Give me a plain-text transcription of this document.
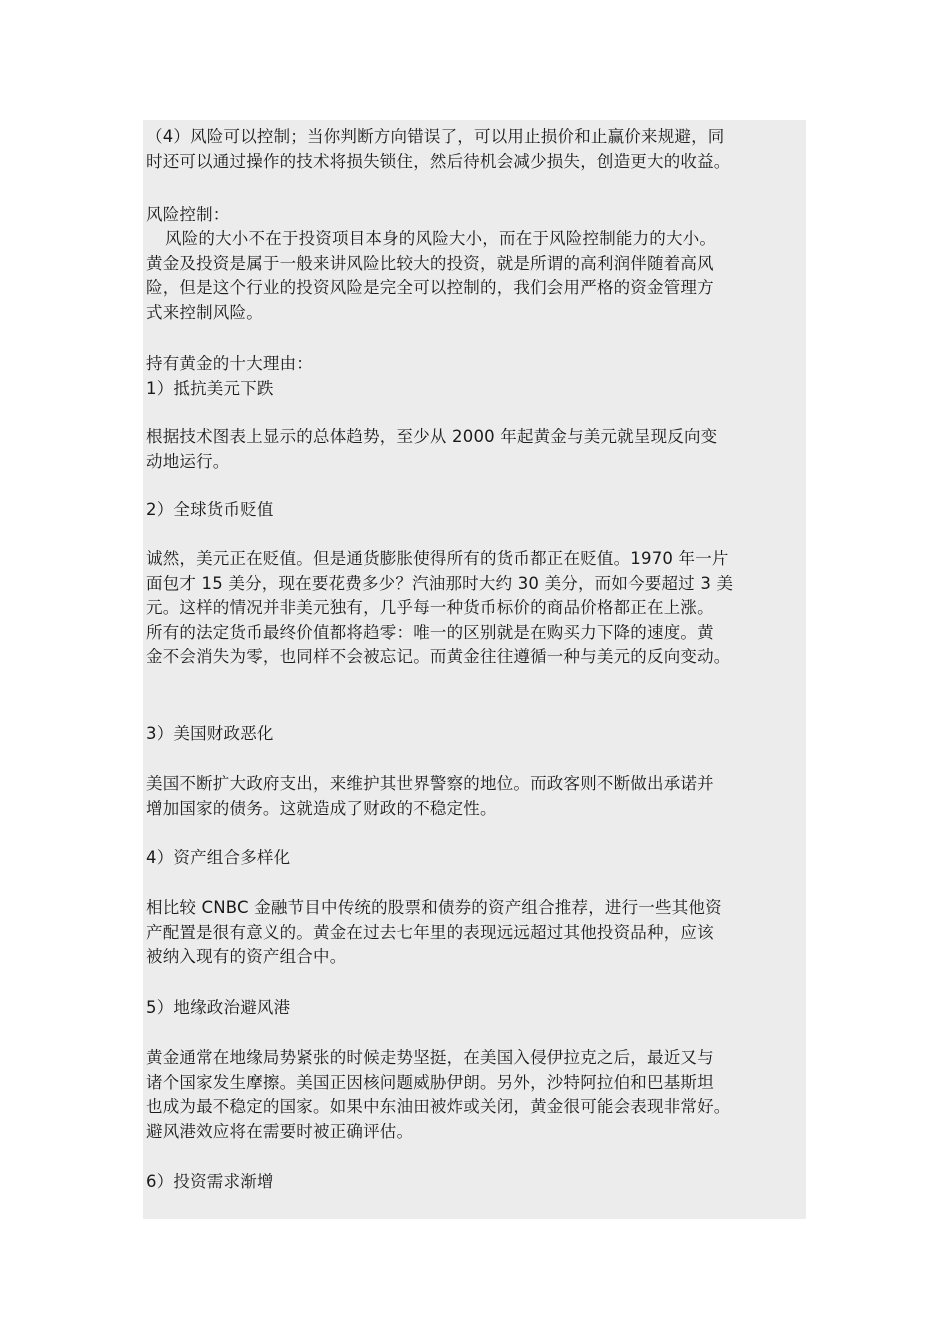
（4）风险可以控制；当你判断方向错误了，可以用止损价和止赢价来规避，同
时还可以通过操作的技术将损失锁住，然后待机会减少损失，创造更大的收益。

风险控制：

风险的大小不在于投资项目本身的风险大小，而在于风险控制能力的大小。
黄金及投资是属于一般来讲风险比较大的投资，就是所谓的高利润伴随着高风
险，但是这个行业的投资风险是完全可以控制的，我们会用严格的资金管理方
式来控制风险。

持有黄金的十大理由：
1）抵抗美元下跌

根据技术图表上显示的总体趋势，至少从 2000 年起黄金与美元就呈现反向变
动地运行。

2）全球货币贬值

诚然，美元正在贬值。但是通货膨胀使得所有的货币都正在贬值。1970 年一片
面包才 15 美分，现在要花费多少？汽油那时大约 30 美分，而如今要超过 3 美
元。这样的情况并非美元独有，几乎每一种货币标价的商品价格都正在上涨。
所有的法定货币最终价值都将趋零：唯一的区别就是在购买力下降的速度。黄
金不会消失为零，也同样不会被忘记。而黄金往往遵循一种与美元的反向变动。

3）美国财政恶化

美国不断扩大政府支出，来维护其世界警察的地位。而政客则不断做出承诺并
增加国家的债务。这就造成了财政的不稳定性。

4）资产组合多样化

相比较 CNBC 金融节目中传统的股票和债券的资产组合推荐，进行一些其他资
产配置是很有意义的。黄金在过去七年里的表现远远超过其他投资品种，应该
被纳入现有的资产组合中。

5）地缘政治避风港

黄金通常在地缘局势紧张的时候走势坚挺，在美国入侵伊拉克之后，最近又与
诸个国家发生摩擦。美国正因核问题威胁伊朗。另外，沙特阿拉伯和巴基斯坦
也成为最不稳定的国家。如果中东油田被炸或关闭，黄金很可能会表现非常好。
避风港效应将在需要时被正确评估。

6）投资需求渐增
